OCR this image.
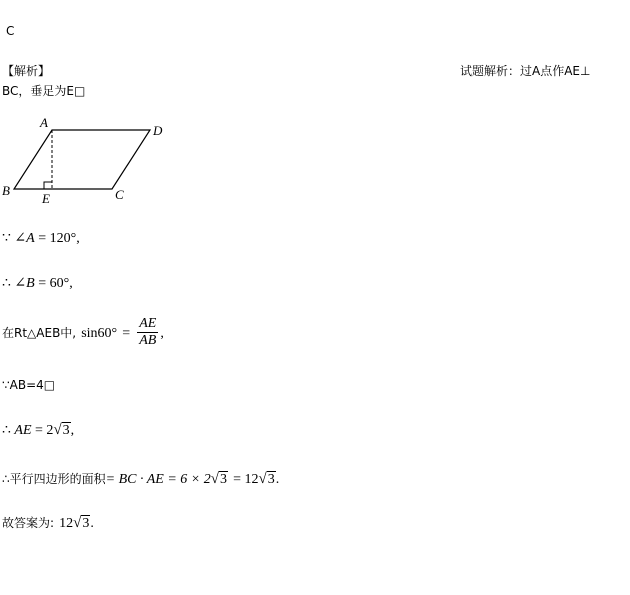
C
【解析】	试题解析：过A点作AE⊥
BC，垂足为E□
A
D
B	C
E
∵ ∠A = 120°,
∴ ∠B = 60°,
在Rt△AEB中, $\sin 60^\circ = \frac{AE}{AB}$ ,
∵AB=4□
∴ AE = 2√3,
∴平行四边形的面积= BC · AE = 6 × 2√3 = 12√3.
故答案为: 12√3.
